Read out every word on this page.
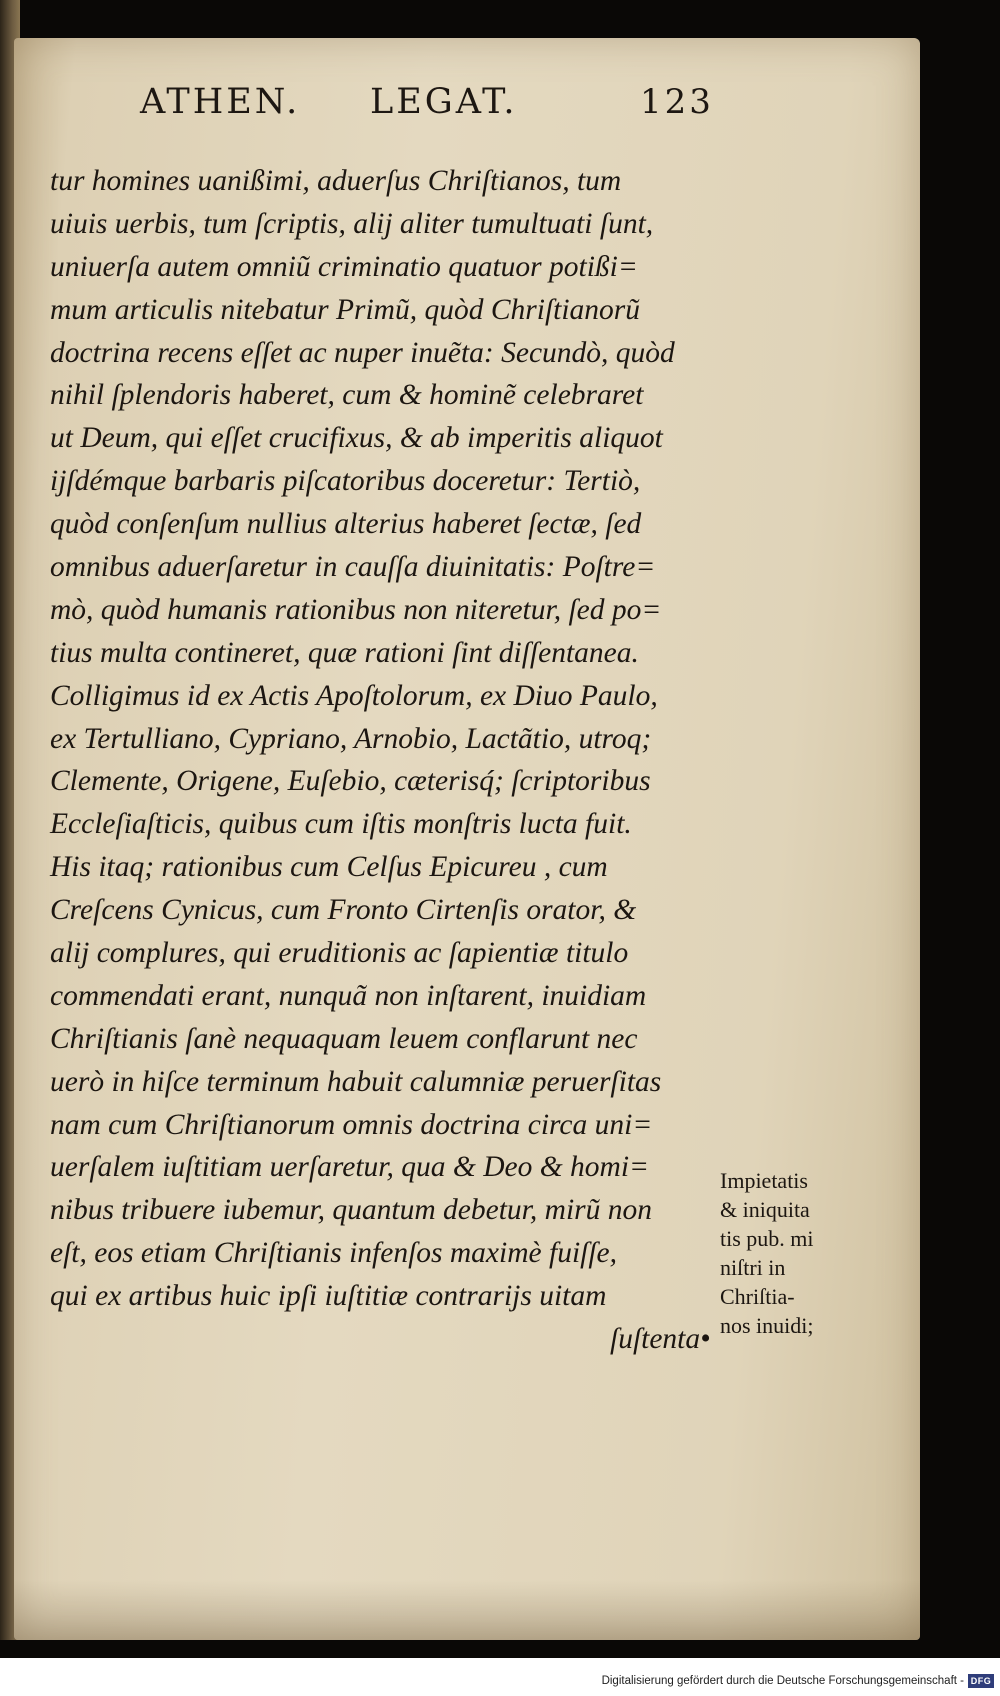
ATHEN. LEGAT.	123
tur homines uanißimi, aduerſus Chriſtianos, tum
uiuis uerbis, tum ſcriptis, alij aliter tumultuati ſunt,
uniuerſa autem omniũ criminatio quatuor potißi=
mum articulis nitebatur Primũ, quòd Chriſtianorũ
doctrina recens eſſet ac nuper inuẽta: Secundò, quòd
nihil ſplendoris haberet, cum & hominẽ celebraret
ut Deum, qui eſſet crucifixus, & ab imperitis aliquot
ijſdémque barbaris piſcatoribus doceretur: Tertiò,
quòd conſenſum nullius alterius haberet ſectæ, ſed
omnibus aduerſaretur in cauſſa diuinitatis: Poſtre=
mò, quòd humanis rationibus non niteretur, ſed po=
tius multa contineret, quæ rationi ſint diſſentanea.
Colligimus id ex Actis Apoſtolorum, ex Diuo Paulo,
ex Tertulliano, Cypriano, Arnobio, Lactãtio, utroq;
Clemente, Origene, Euſebio, cæterisq́; ſcriptoribus
Eccleſiaſticis, quibus cum iſtis monſtris lucta fuit.
His itaq; rationibus cum Celſus Epicureu , cum
Creſcens Cynicus, cum Fronto Cirtenſis orator, &
alij complures, qui eruditionis ac ſapientiæ titulo
commendati erant, nunquã non inſtarent, inuidiam
Chriſtianis ſanè nequaquam leuem conflarunt nec
uerò in hiſce terminum habuit calumniæ peruerſitas
nam cum Chriſtianorum omnis doctrina circa uni=
uerſalem iuſtitiam uerſaretur, qua & Deo & homi=
nibus tribuere iubemur, quantum debetur, mirũ non
eſt, eos etiam Chriſtianis infenſos maximè fuiſſe,
qui ex artibus huic ipſi iuſtitiæ contrarijs uitam
ſuſtenta•
Impietatis
& iniquita
tis pub. mi
niſtri in
Chriſtia-
nos inuidi;
Digitalisierung gefördert durch die Deutsche Forschungsgemeinschaft - DFG
